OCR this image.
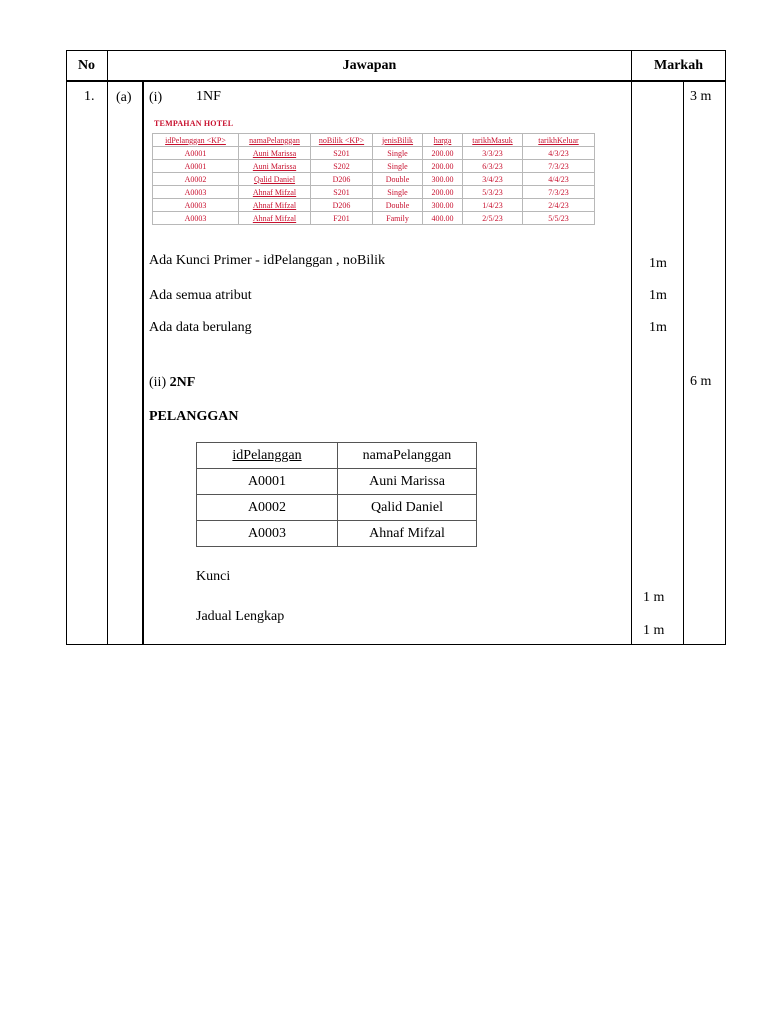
No	Jawapan	Markah
1. (a) (i) 1NF	3 m
TEMPAHAN HOTEL
idPelanggan <KP>	namaPelanggan	noBilik <KP>	jenisBilik	harga	tarikhMasuk	tarikhKeluar
A0001	Auni Marissa	S201	Single	200.00	3/3/23	4/3/23
A0001	Auni Marissa	S202	Single	200.00	6/3/23	7/3/23
A0002	Qalid Daniel	D206	Double	300.00	3/4/23	4/4/23
A0003	Ahnaf Mifzal	S201	Single	200.00	5/3/23	7/3/23
A0003	Ahnaf Mifzal	D206	Double	300.00	1/4/23	2/4/23
A0003	Ahnaf Mifzal	F201	Family	400.00	2/5/23	5/5/23
Ada Kunci Primer - idPelanggan , noBilik	1m
Ada semua atribut	1m
Ada data berulang	1m
(ii) 2NF	6 m
PELANGGAN
idPelanggan	namaPelanggan
A0001	Auni Marissa
A0002	Qalid Daniel
A0003	Ahnaf Mifzal
Kunci
1 m
Jadual Lengkap
1 m
